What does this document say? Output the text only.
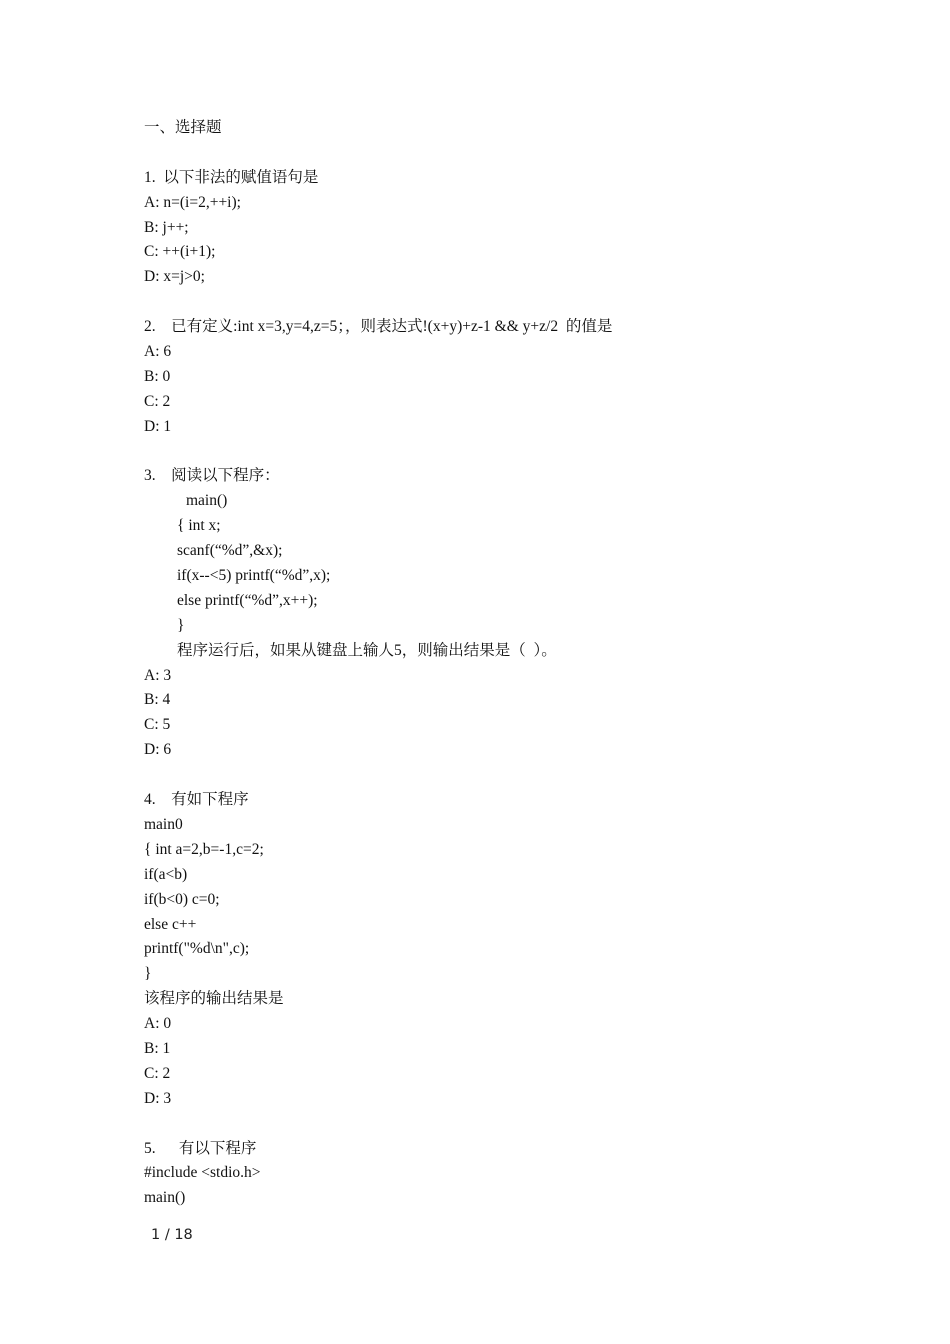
一、选择题
1.  以下非法的赋值语句是
A: n=(i=2,++i);
B: j++;
C: ++(i+1);
D: x=j>0;
2.    已有定义:int x=3,y=4,z=5；，则表达式!(x+y)+z-1 && y+z/2  的值是
A: 6
B: 0
C: 2
D: 1
3.    阅读以下程序：
main()
{ int x;
scanf(“%d”,&x);
if(x--<5) printf(“%d”,x);
else printf(“%d”,x++);
}
程序运行后，如果从键盘上输人5，则输出结果是（  ）。
A: 3
B: 4
C: 5
D: 6
4.    有如下程序
main0
{ int a=2,b=-1,c=2;
if(a<b)
if(b<0) c=0;
else c++
printf("%d\n",c);
}
该程序的输出结果是
A: 0
B: 1
C: 2
D: 3
5.      有以下程序
#include <stdio.h>
main()
1 / 18
